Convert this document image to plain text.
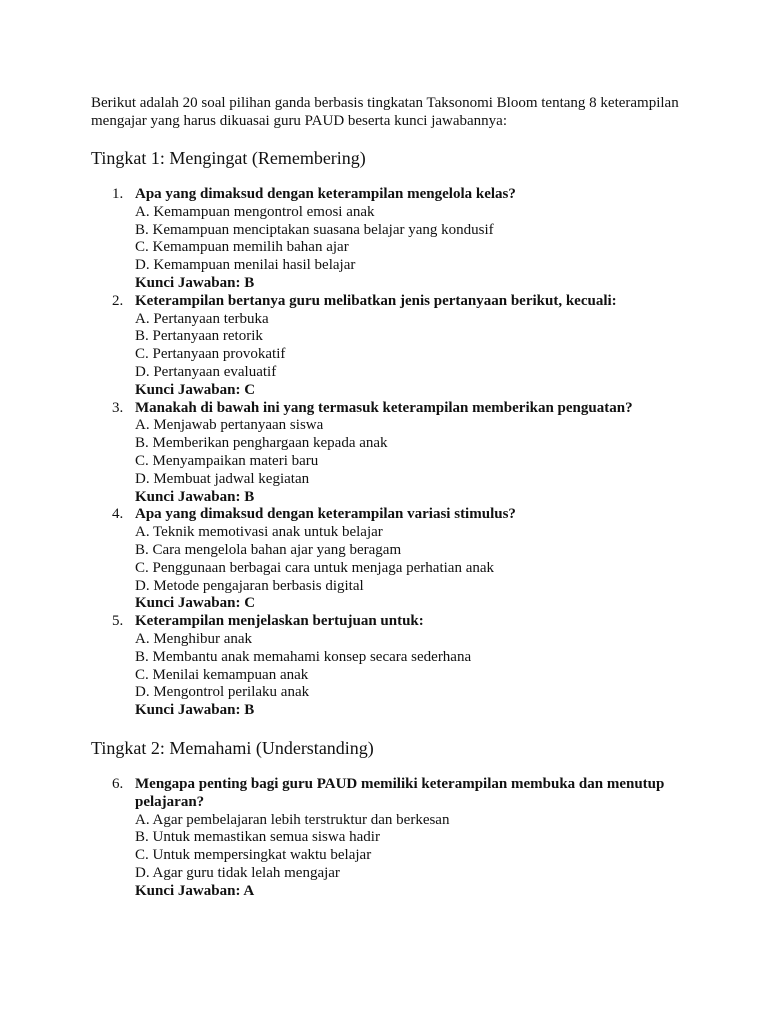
Berikut adalah 20 soal pilihan ganda berbasis tingkatan Taksonomi Bloom tentang 8 keterampilan mengajar yang harus dikuasai guru PAUD beserta kunci jawabannya:

Tingkat 1: Mengingat (Remembering)
1. Apa yang dimaksud dengan keterampilan mengelola kelas?
A. Kemampuan mengontrol emosi anak
B. Kemampuan menciptakan suasana belajar yang kondusif
C. Kemampuan memilih bahan ajar
D. Kemampuan menilai hasil belajar
Kunci Jawaban: B
2. Keterampilan bertanya guru melibatkan jenis pertanyaan berikut, kecuali:
A. Pertanyaan terbuka
B. Pertanyaan retorik
C. Pertanyaan provokatif
D. Pertanyaan evaluatif
Kunci Jawaban: C
3. Manakah di bawah ini yang termasuk keterampilan memberikan penguatan?
A. Menjawab pertanyaan siswa
B. Memberikan penghargaan kepada anak
C. Menyampaikan materi baru
D. Membuat jadwal kegiatan
Kunci Jawaban: B
4. Apa yang dimaksud dengan keterampilan variasi stimulus?
A. Teknik memotivasi anak untuk belajar
B. Cara mengelola bahan ajar yang beragam
C. Penggunaan berbagai cara untuk menjaga perhatian anak
D. Metode pengajaran berbasis digital
Kunci Jawaban: C
5. Keterampilan menjelaskan bertujuan untuk:
A. Menghibur anak
B. Membantu anak memahami konsep secara sederhana
C. Menilai kemampuan anak
D. Mengontrol perilaku anak
Kunci Jawaban: B
Tingkat 2: Memahami (Understanding)
6. Mengapa penting bagi guru PAUD memiliki keterampilan membuka dan menutup pelajaran?
A. Agar pembelajaran lebih terstruktur dan berkesan
B. Untuk memastikan semua siswa hadir
C. Untuk mempersingkat waktu belajar
D. Agar guru tidak lelah mengajar
Kunci Jawaban: A
